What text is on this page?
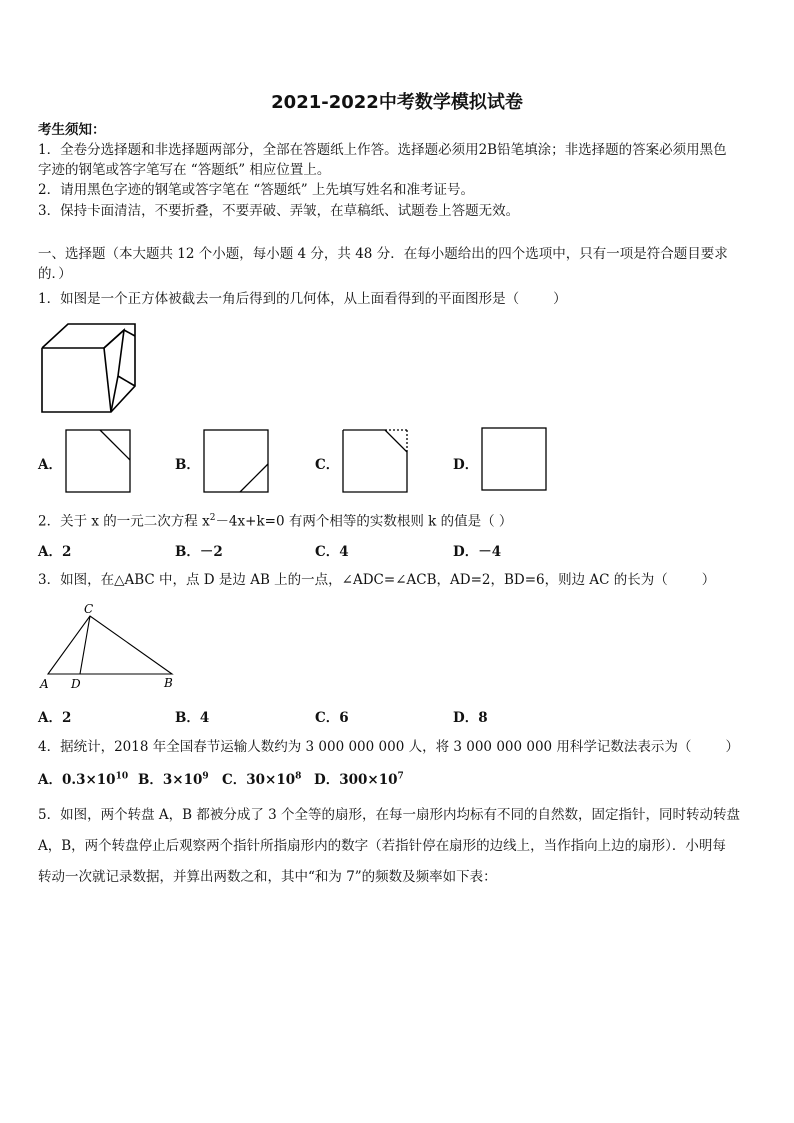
2021-2022中考数学模拟试卷
考生须知：
1．全卷分选择题和非选择题两部分，全部在答题纸上作答。选择题必须用2B铅笔填涂；非选择题的答案必须用黑色
字迹的钢笔或答字笔写在 “答题纸” 相应位置上。
2．请用黑色字迹的钢笔或答字笔在 “答题纸” 上先填写姓名和准考证号。
3．保持卡面清洁，不要折叠，不要弄破、弄皱，在草稿纸、试题卷上答题无效。
一、选择题（本大题共 12 个小题，每小题 4 分，共 48 分．在每小题给出的四个选项中，只有一项是符合题目要求
的．）
1．如图是一个正方体被截去一角后得到的几何体，从上面看得到的平面图形是（	）
A．	B．	C．	D．
2．关于 x 的一元二次方程 $x^2-4x+k=0$ 有两个相等的实数根则 k 的值是（ ）
A．2	B．－2	C．4	D．－4
3．如图，在△ABC 中，点 D 是边 AB 上的一点，∠ADC=∠ACB，AD=2，BD=6，则边 AC 的长为（	）
C
A D	B
A．2	B．4	C．6	D．8
4．据统计，2018 年全国春节运输人数约为 3 000 000 000 人，将 3 000 000 000 用科学记数法表示为（	）
A．$0.3\times 10^{10}$ B．$3\times 10^9$ C．$30\times 10^8$ D．$300\times 10^7$
5．如图，两个转盘 A，B 都被分成了 3 个全等的扇形，在每一扇形内均标有不同的自然数，固定指针，同时转动转盘
A，B，两个转盘停止后观察两个指针所指扇形内的数字（若指针停在扇形的边线上，当作指向上边的扇形）．小明每
转动一次就记录数据，并算出两数之和，其中“和为 7”的频数及频率如下表：
